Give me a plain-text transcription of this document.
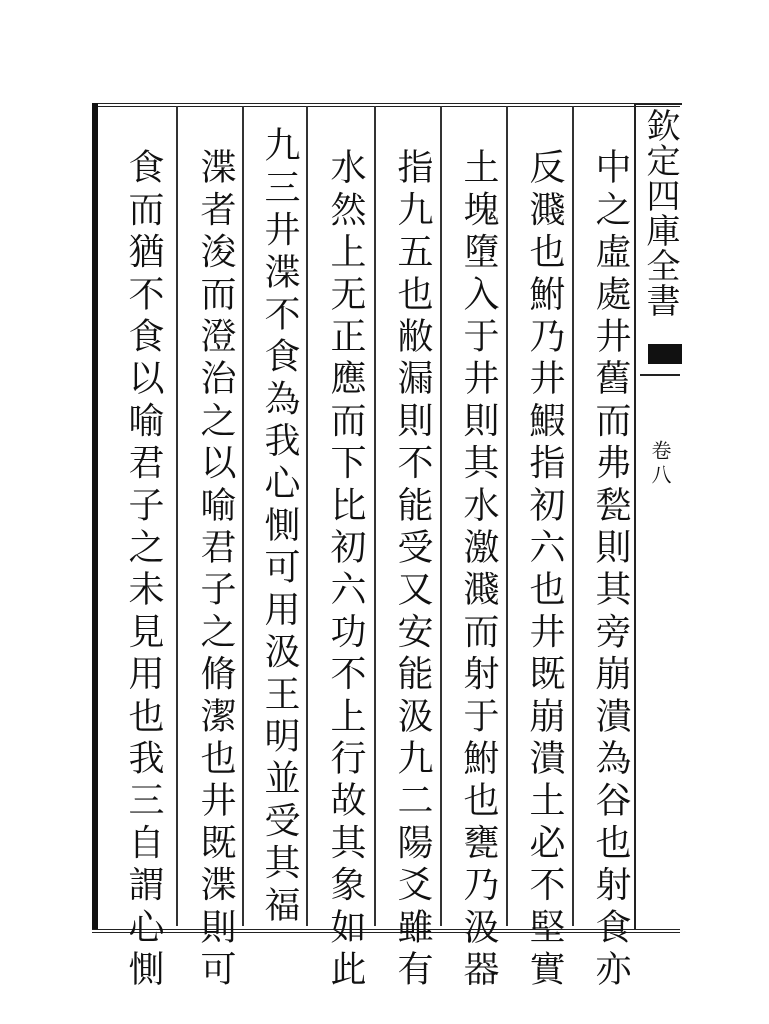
中之虛處井舊而弗甃則其旁崩潰為谷也射食亦
反濺也鮒乃井鰕指初六也井既崩潰土必不堅實
土塊墮入于井則其水激濺而射于鮒也甕乃汲器
指九五也敝漏則不能受又安能汲九二陽爻雖有
水然上无正應而下比初六功不上行故其象如此
九三井渫不食為我心惻可用汲王明並受其福
渫者浚而澄治之以喻君子之脩潔也井既渫則可
食而猶不食以喻君子之未見用也我三自謂心惻	欽定四庫全書
卷八
